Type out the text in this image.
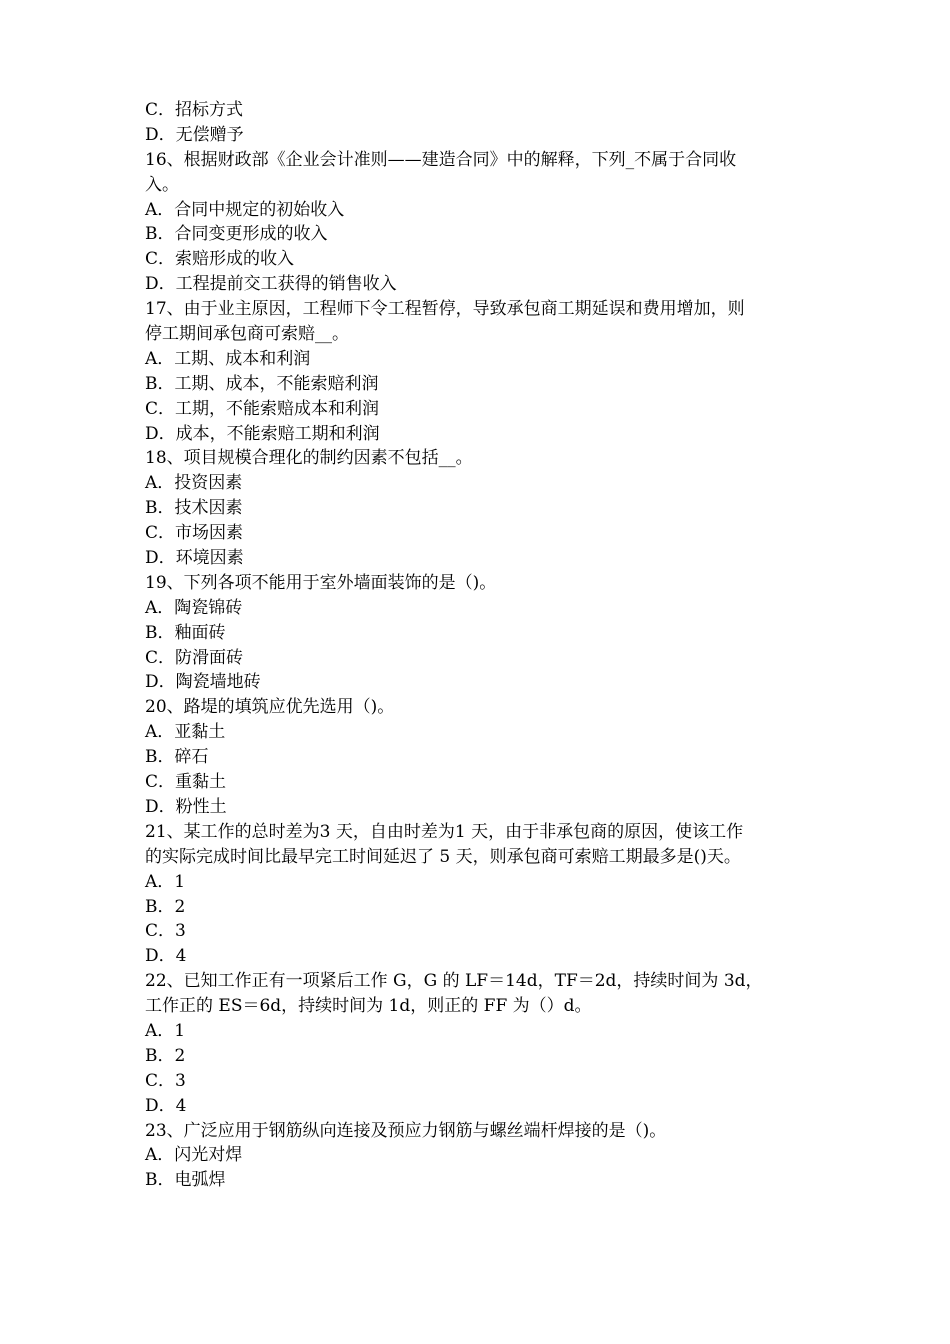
C．招标方式
D．无偿赠予
16、根据财政部《企业会计准则——建造合同》中的解释，下列_不属于合同收
入。
A．合同中规定的初始收入
B．合同变更形成的收入
C．索赔形成的收入
D．工程提前交工获得的销售收入
17、由于业主原因，工程师下令工程暂停，导致承包商工期延误和费用增加，则
停工期间承包商可索赔__。
A．工期、成本和利润
B．工期、成本，不能索赔利润
C．工期，不能索赔成本和利润
D．成本，不能索赔工期和利润
18、项目规模合理化的制约因素不包括__。
A．投资因素
B．技术因素
C．市场因素
D．环境因素
19、下列各项不能用于室外墙面装饰的是（)。
A．陶瓷锦砖
B．釉面砖
C．防滑面砖
D．陶瓷墙地砖
20、路堤的填筑应优先选用（)。
A．亚黏土
B．碎石
C．重黏土
D．粉性土
21、某工作的总时差为3 天，自由时差为1 天，由于非承包商的原因，使该工作
的实际完成时间比最早完工时间延迟了 5 天，则承包商可索赔工期最多是()天。
A．1
B．2
C．3
D．4
22、已知工作正有一项紧后工作 G，G 的 LF＝14d，TF＝2d，持续时间为 3d，
工作正的 ES＝6d，持续时间为 1d，则正的 FF 为（）d。
A．1
B．2
C．3
D．4
23、广泛应用于钢筋纵向连接及预应力钢筋与螺丝端杆焊接的是（)。
A．闪光对焊
B．电弧焊
